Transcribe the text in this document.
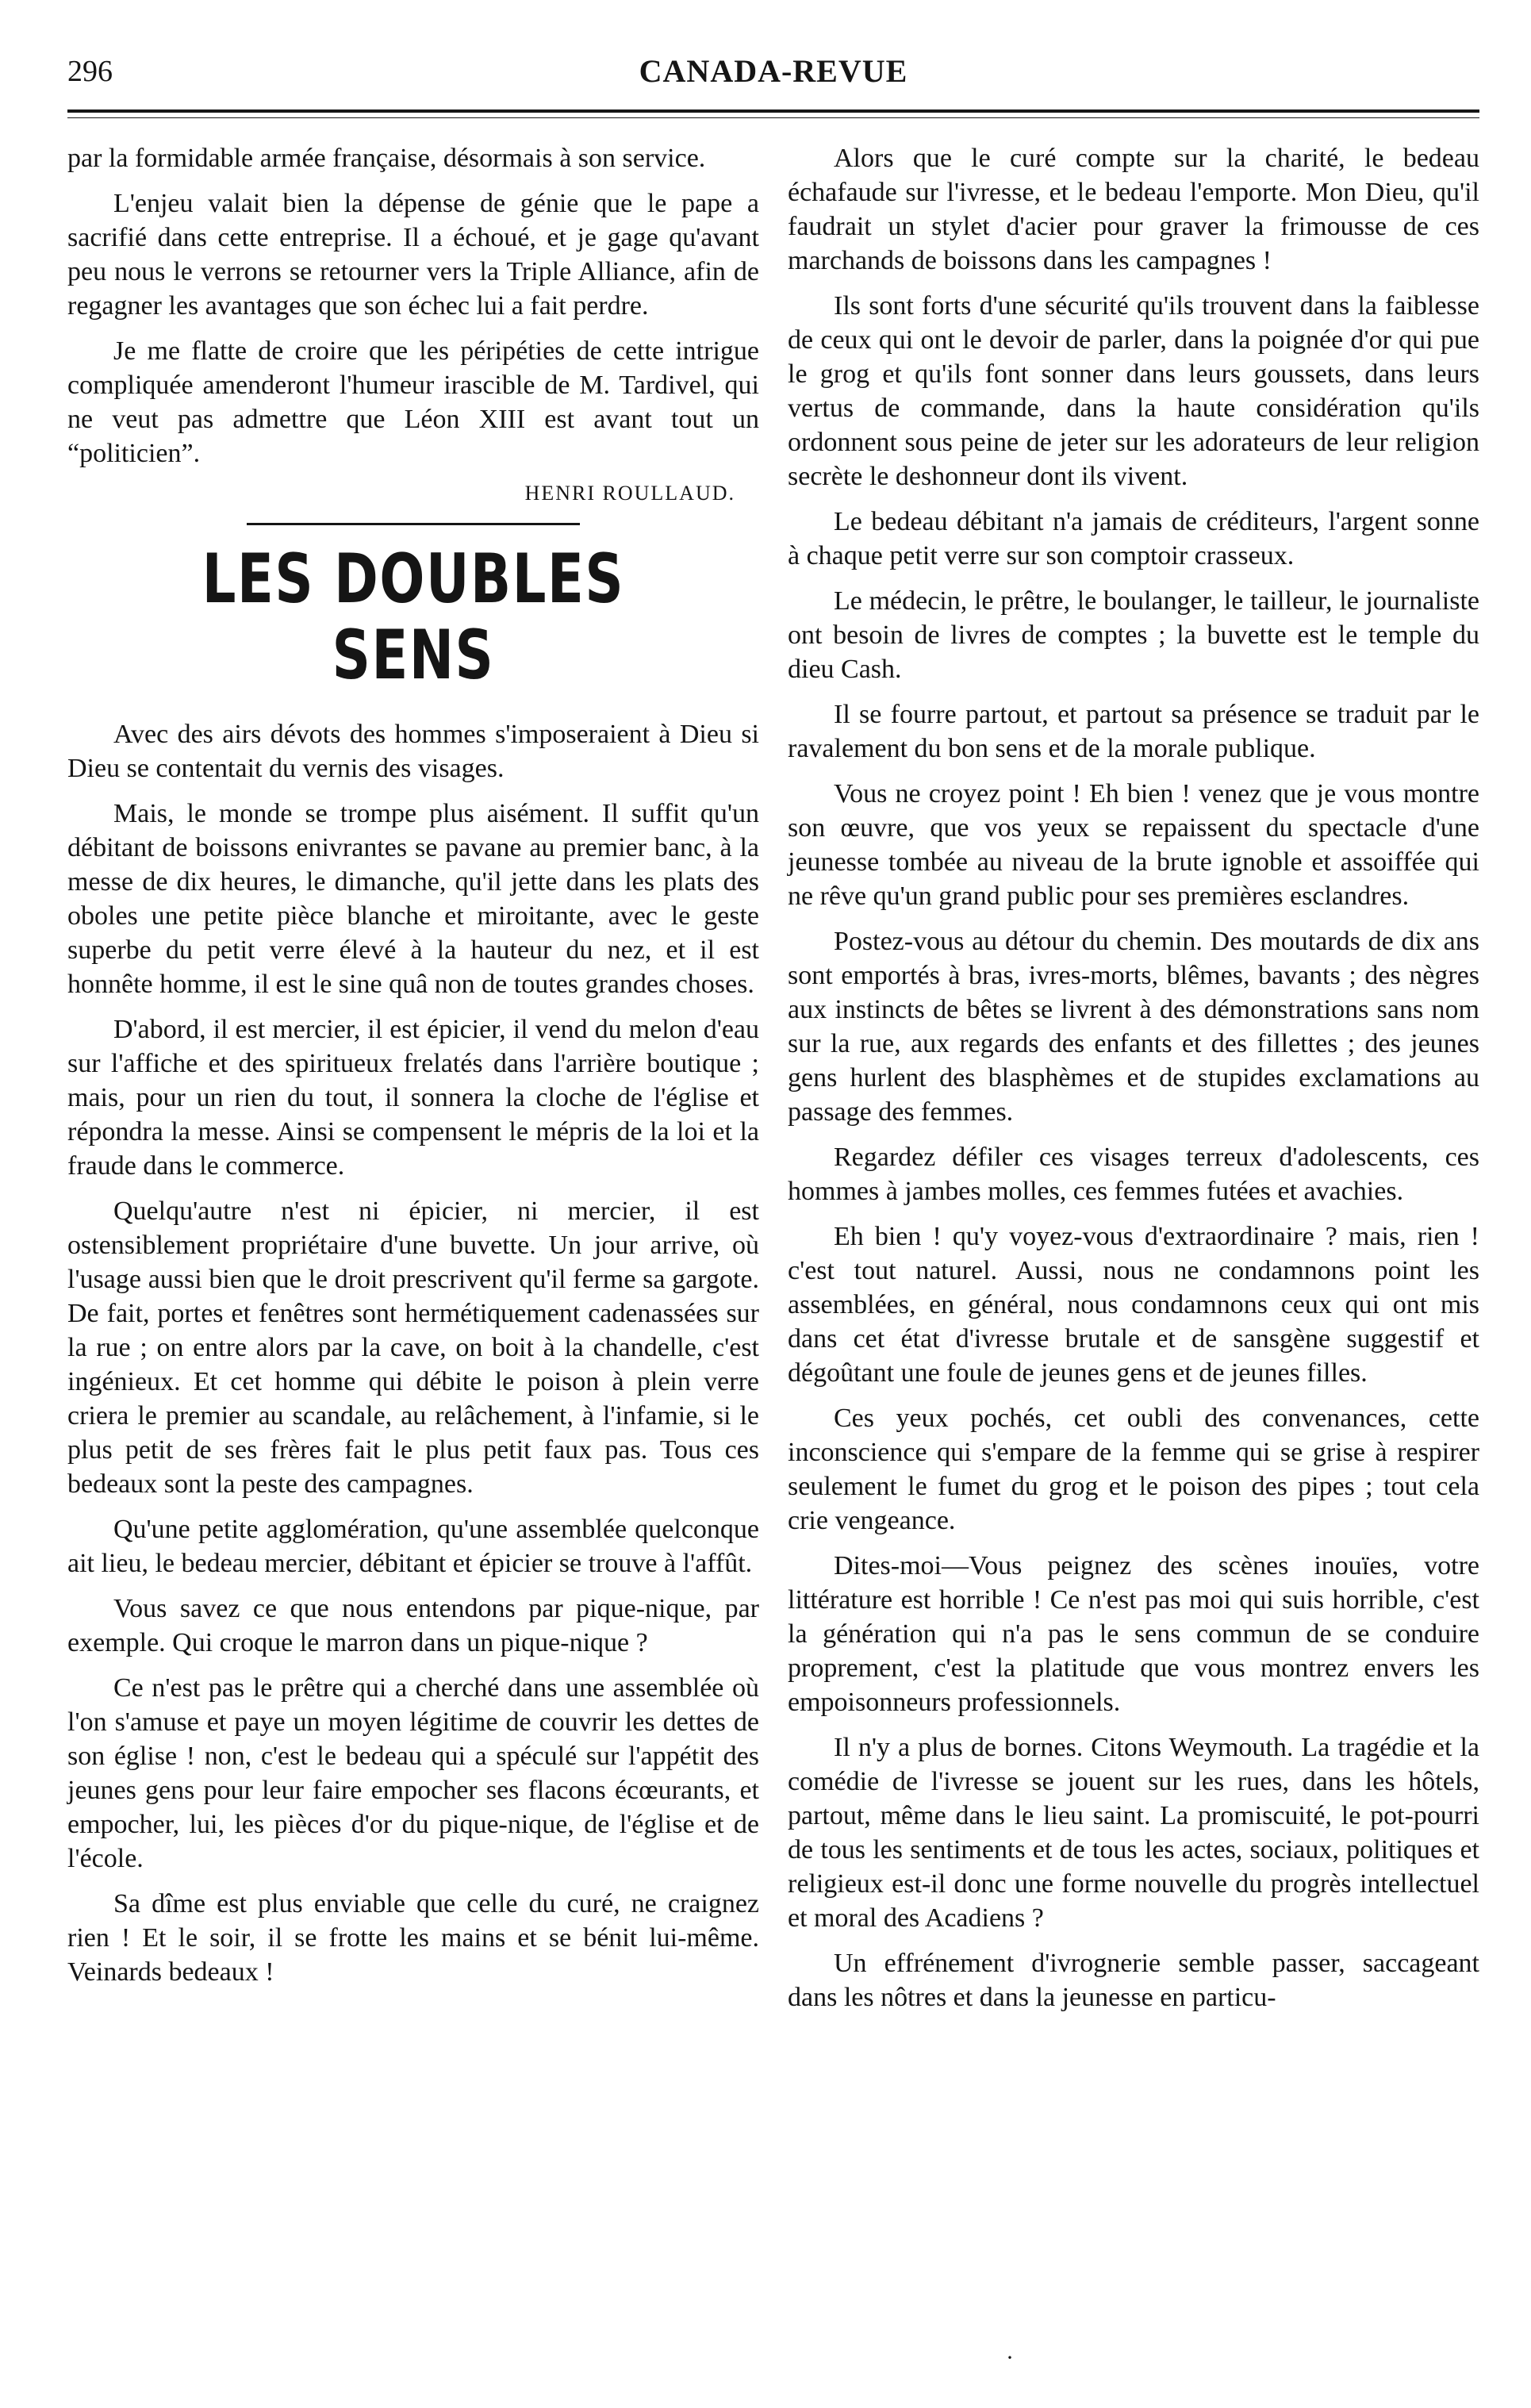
296	CANADA-REVUE

par la formidable armée française, désormais à son service.

L'enjeu valait bien la dépense de génie que le pape a sacrifié dans cette entreprise. Il a échoué, et je gage qu'avant peu nous le verrons se retourner vers la Triple Alliance, afin de regagner les avantages que son échec lui a fait perdre.

Je me flatte de croire que les péripéties de cette intrigue compliquée amenderont l'humeur irascible de M. Tardivel, qui ne veut pas admettre que Léon XIII est avant tout un “politicien”.

HENRI ROULLAUD.
LES DOUBLES SENS

Avec des airs dévots des hommes s'imposeraient à Dieu si Dieu se contentait du vernis des visages.

Mais, le monde se trompe plus aisément. Il suffit qu'un débitant de boissons enivrantes se pavane au premier banc, à la messe de dix heures, le dimanche, qu'il jette dans les plats des oboles une petite pièce blanche et miroitante, avec le geste superbe du petit verre élevé à la hauteur du nez, et il est honnête homme, il est le sine quâ non de toutes grandes choses.

D'abord, il est mercier, il est épicier, il vend du melon d'eau sur l'affiche et des spiritueux frelatés dans l'arrière boutique ; mais, pour un rien du tout, il sonnera la cloche de l'église et répondra la messe. Ainsi se compensent le mépris de la loi et la fraude dans le commerce.

Quelqu'autre n'est ni épicier, ni mercier, il est ostensiblement propriétaire d'une buvette. Un jour arrive, où l'usage aussi bien que le droit prescrivent qu'il ferme sa gargote. De fait, portes et fenêtres sont hermétiquement cadenassées sur la rue ; on entre alors par la cave, on boit à la chandelle, c'est ingénieux. Et cet homme qui débite le poison à plein verre criera le premier au scandale, au relâchement, à l'infamie, si le plus petit de ses frères fait le plus petit faux pas. Tous ces bedeaux sont la peste des campagnes.

Qu'une petite agglomération, qu'une assemblée quelconque ait lieu, le bedeau mercier, débitant et épicier se trouve à l'affût.

Vous savez ce que nous entendons par pique-nique, par exemple. Qui croque le marron dans un pique-nique ?

Ce n'est pas le prêtre qui a cherché dans une assemblée où l'on s'amuse et paye un moyen légitime de couvrir les dettes de son église ! non, c'est le bedeau qui a spéculé sur l'appétit des jeunes gens pour leur faire empocher ses flacons écœurants, et empocher, lui, les pièces d'or du pique-nique, de l'église et de l'école.

Sa dîme est plus enviable que celle du curé, ne craignez rien ! Et le soir, il se frotte les mains et se bénit lui-même. Veinards bedeaux !

Alors que le curé compte sur la charité, le bedeau échafaude sur l'ivresse, et le bedeau l'emporte. Mon Dieu, qu'il faudrait un stylet d'acier pour graver la frimousse de ces marchands de boissons dans les campagnes !

Ils sont forts d'une sécurité qu'ils trouvent dans la faiblesse de ceux qui ont le devoir de parler, dans la poignée d'or qui pue le grog et qu'ils font sonner dans leurs goussets, dans leurs vertus de commande, dans la haute considération qu'ils ordonnent sous peine de jeter sur les adorateurs de leur religion secrète le deshonneur dont ils vivent.

Le bedeau débitant n'a jamais de créditeurs, l'argent sonne à chaque petit verre sur son comptoir crasseux.

Le médecin, le prêtre, le boulanger, le tailleur, le journaliste ont besoin de livres de comptes ; la buvette est le temple du dieu Cash.

Il se fourre partout, et partout sa présence se traduit par le ravalement du bon sens et de la morale publique.

Vous ne croyez point ! Eh bien ! venez que je vous montre son œuvre, que vos yeux se repaissent du spectacle d'une jeunesse tombée au niveau de la brute ignoble et assoiffée qui ne rêve qu'un grand public pour ses premières esclandres.

Postez-vous au détour du chemin. Des moutards de dix ans sont emportés à bras, ivres-morts, blêmes, bavants ; des nègres aux instincts de bêtes se livrent à des démonstrations sans nom sur la rue, aux regards des enfants et des fillettes ; des jeunes gens hurlent des blasphèmes et de stupides exclamations au passage des femmes.

Regardez défiler ces visages terreux d'adolescents, ces hommes à jambes molles, ces femmes futées et avachies.

Eh bien ! qu'y voyez-vous d'extraordinaire ? mais, rien ! c'est tout naturel. Aussi, nous ne condamnons point les assemblées, en général, nous condamnons ceux qui ont mis dans cet état d'ivresse brutale et de sansgène suggestif et dégoûtant une foule de jeunes gens et de jeunes filles.

Ces yeux pochés, cet oubli des convenances, cette inconscience qui s'empare de la femme qui se grise à respirer seulement le fumet du grog et le poison des pipes ; tout cela crie vengeance.

Dites-moi—Vous peignez des scènes inouïes, votre littérature est horrible ! Ce n'est pas moi qui suis horrible, c'est la génération qui n'a pas le sens commun de se conduire proprement, c'est la platitude que vous montrez envers les empoisonneurs professionnels.

Il n'y a plus de bornes. Citons Weymouth. La tragédie et la comédie de l'ivresse se jouent sur les rues, dans les hôtels, partout, même dans le lieu saint. La promiscuité, le pot-pourri de tous les sentiments et de tous les actes, sociaux, politiques et religieux est-il donc une forme nouvelle du progrès intellectuel et moral des Acadiens ?

Un effrénement d'ivrognerie semble passer, saccageant dans les nôtres et dans la jeunesse en particu-

·
